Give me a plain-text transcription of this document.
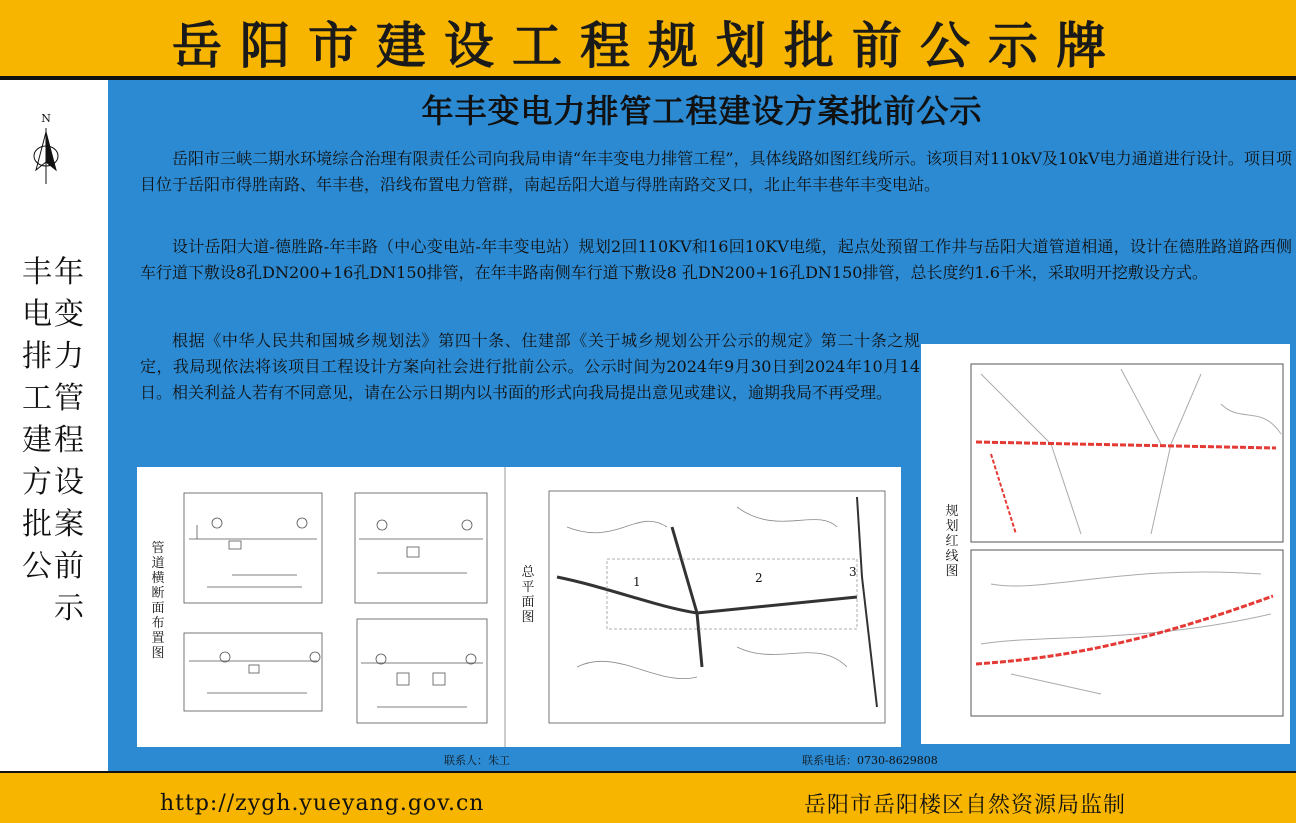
岳阳市建设工程规划批前公示牌
N
年
变
力
管
程
设
案
前
示
丰
电
排
工
建
方
批
公
年丰变电力排管工程建设方案批前公示

岳阳市三峡二期水环境综合治理有限责任公司向我局申请“年丰变电力排管工程”，具体线路如图红线所示。该项目对110kV及10kV电力通道进行设计。项目项目位于岳阳市得胜南路、年丰巷，沿线布置电力管群，南起岳阳大道与得胜南路交叉口，北止年丰巷年丰变电站。

设计岳阳大道-德胜路-年丰路（中心变电站-年丰变电站）规划2回110KV和16回10KV电缆，起点处预留工作井与岳阳大道管道相通，设计在德胜路道路西侧车行道下敷设8孔DN200+16孔DN150排管，在年丰路南侧车行道下敷设8 孔DN200+16孔DN150排管，总长度约1.6千米，采取明开挖敷设方式。

根据《中华人民共和国城乡规划法》第四十条、住建部《关于城乡规划公开公示的规定》第二十条之规定，我局现依法将该项目工程设计方案向社会进行批前公示。公示时间为2024年9月30日到2024年10月14日。相关利益人若有不同意见，请在公示日期内以书面的形式向我局提出意见或建议，逾期我局不再受理。

管道横断面布置图
总平面图
1	2	3
规划红线图
联系人：朱工	联系电话：0730-8629808
http://zygh.yueyang.gov.cn	岳阳市岳阳楼区自然资源局监制
